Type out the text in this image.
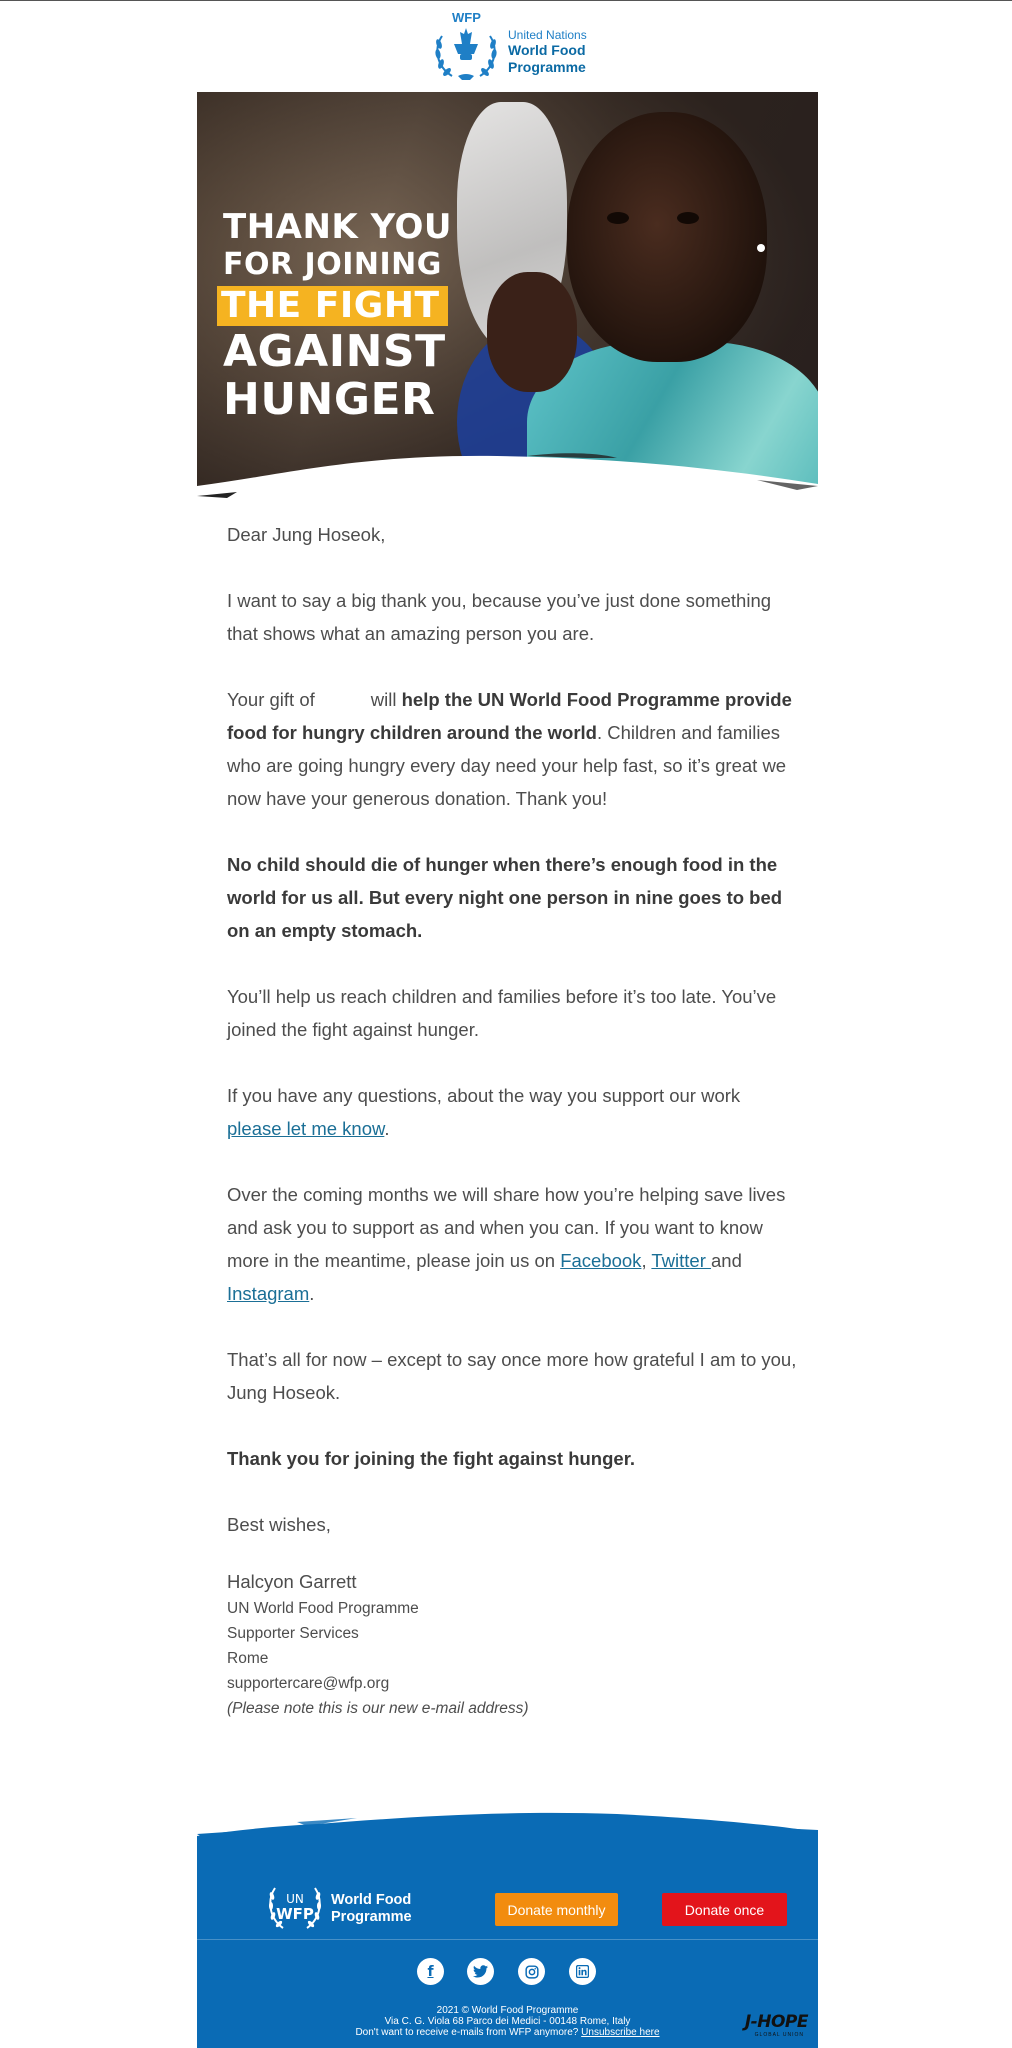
WFP
United Nations
World Food
Programme
THANK YOU
FOR JOINING
THE FIGHT
AGAINST
HUNGER

Dear Jung Hoseok,

I want to say a big thank you, because you’ve just done something that shows what an amazing person you are.

Your gift of	will help the UN World Food Programme provide food for hungry children around the world. Children and families who are going hungry every day need your help fast, so it’s great we now have your generous donation. Thank you!

No child should die of hunger when there’s enough food in the world for us all. But every night one person in nine goes to bed on an empty stomach.

You’ll help us reach children and families before it’s too late. You’ve joined the fight against hunger.

If you have any questions, about the way you support our work please let me know.

Over the coming months we will share how you’re helping save lives and ask you to support as and when you can. If you want to know more in the meantime, please join us on Facebook, Twitter and Instagram.

That’s all for now – except to say once more how grateful I am to you, Jung Hoseok.

Thank you for joining the fight against hunger.

Best wishes,

Halcyon Garrett
UN World Food Programme
Supporter Services
Rome
supportercare@wfp.org
(Please note this is our new e-mail address)
UN
WFP
World Food
Programme	Donate monthly	Donate once
f
2021 © World Food Programme
Via C. G. Viola 68 Parco dei Medici - 00148 Rome, Italy
Don't want to receive e-mails from WFP anymore? Unsubscribe here
J-HOPE
GLOBAL UNION
